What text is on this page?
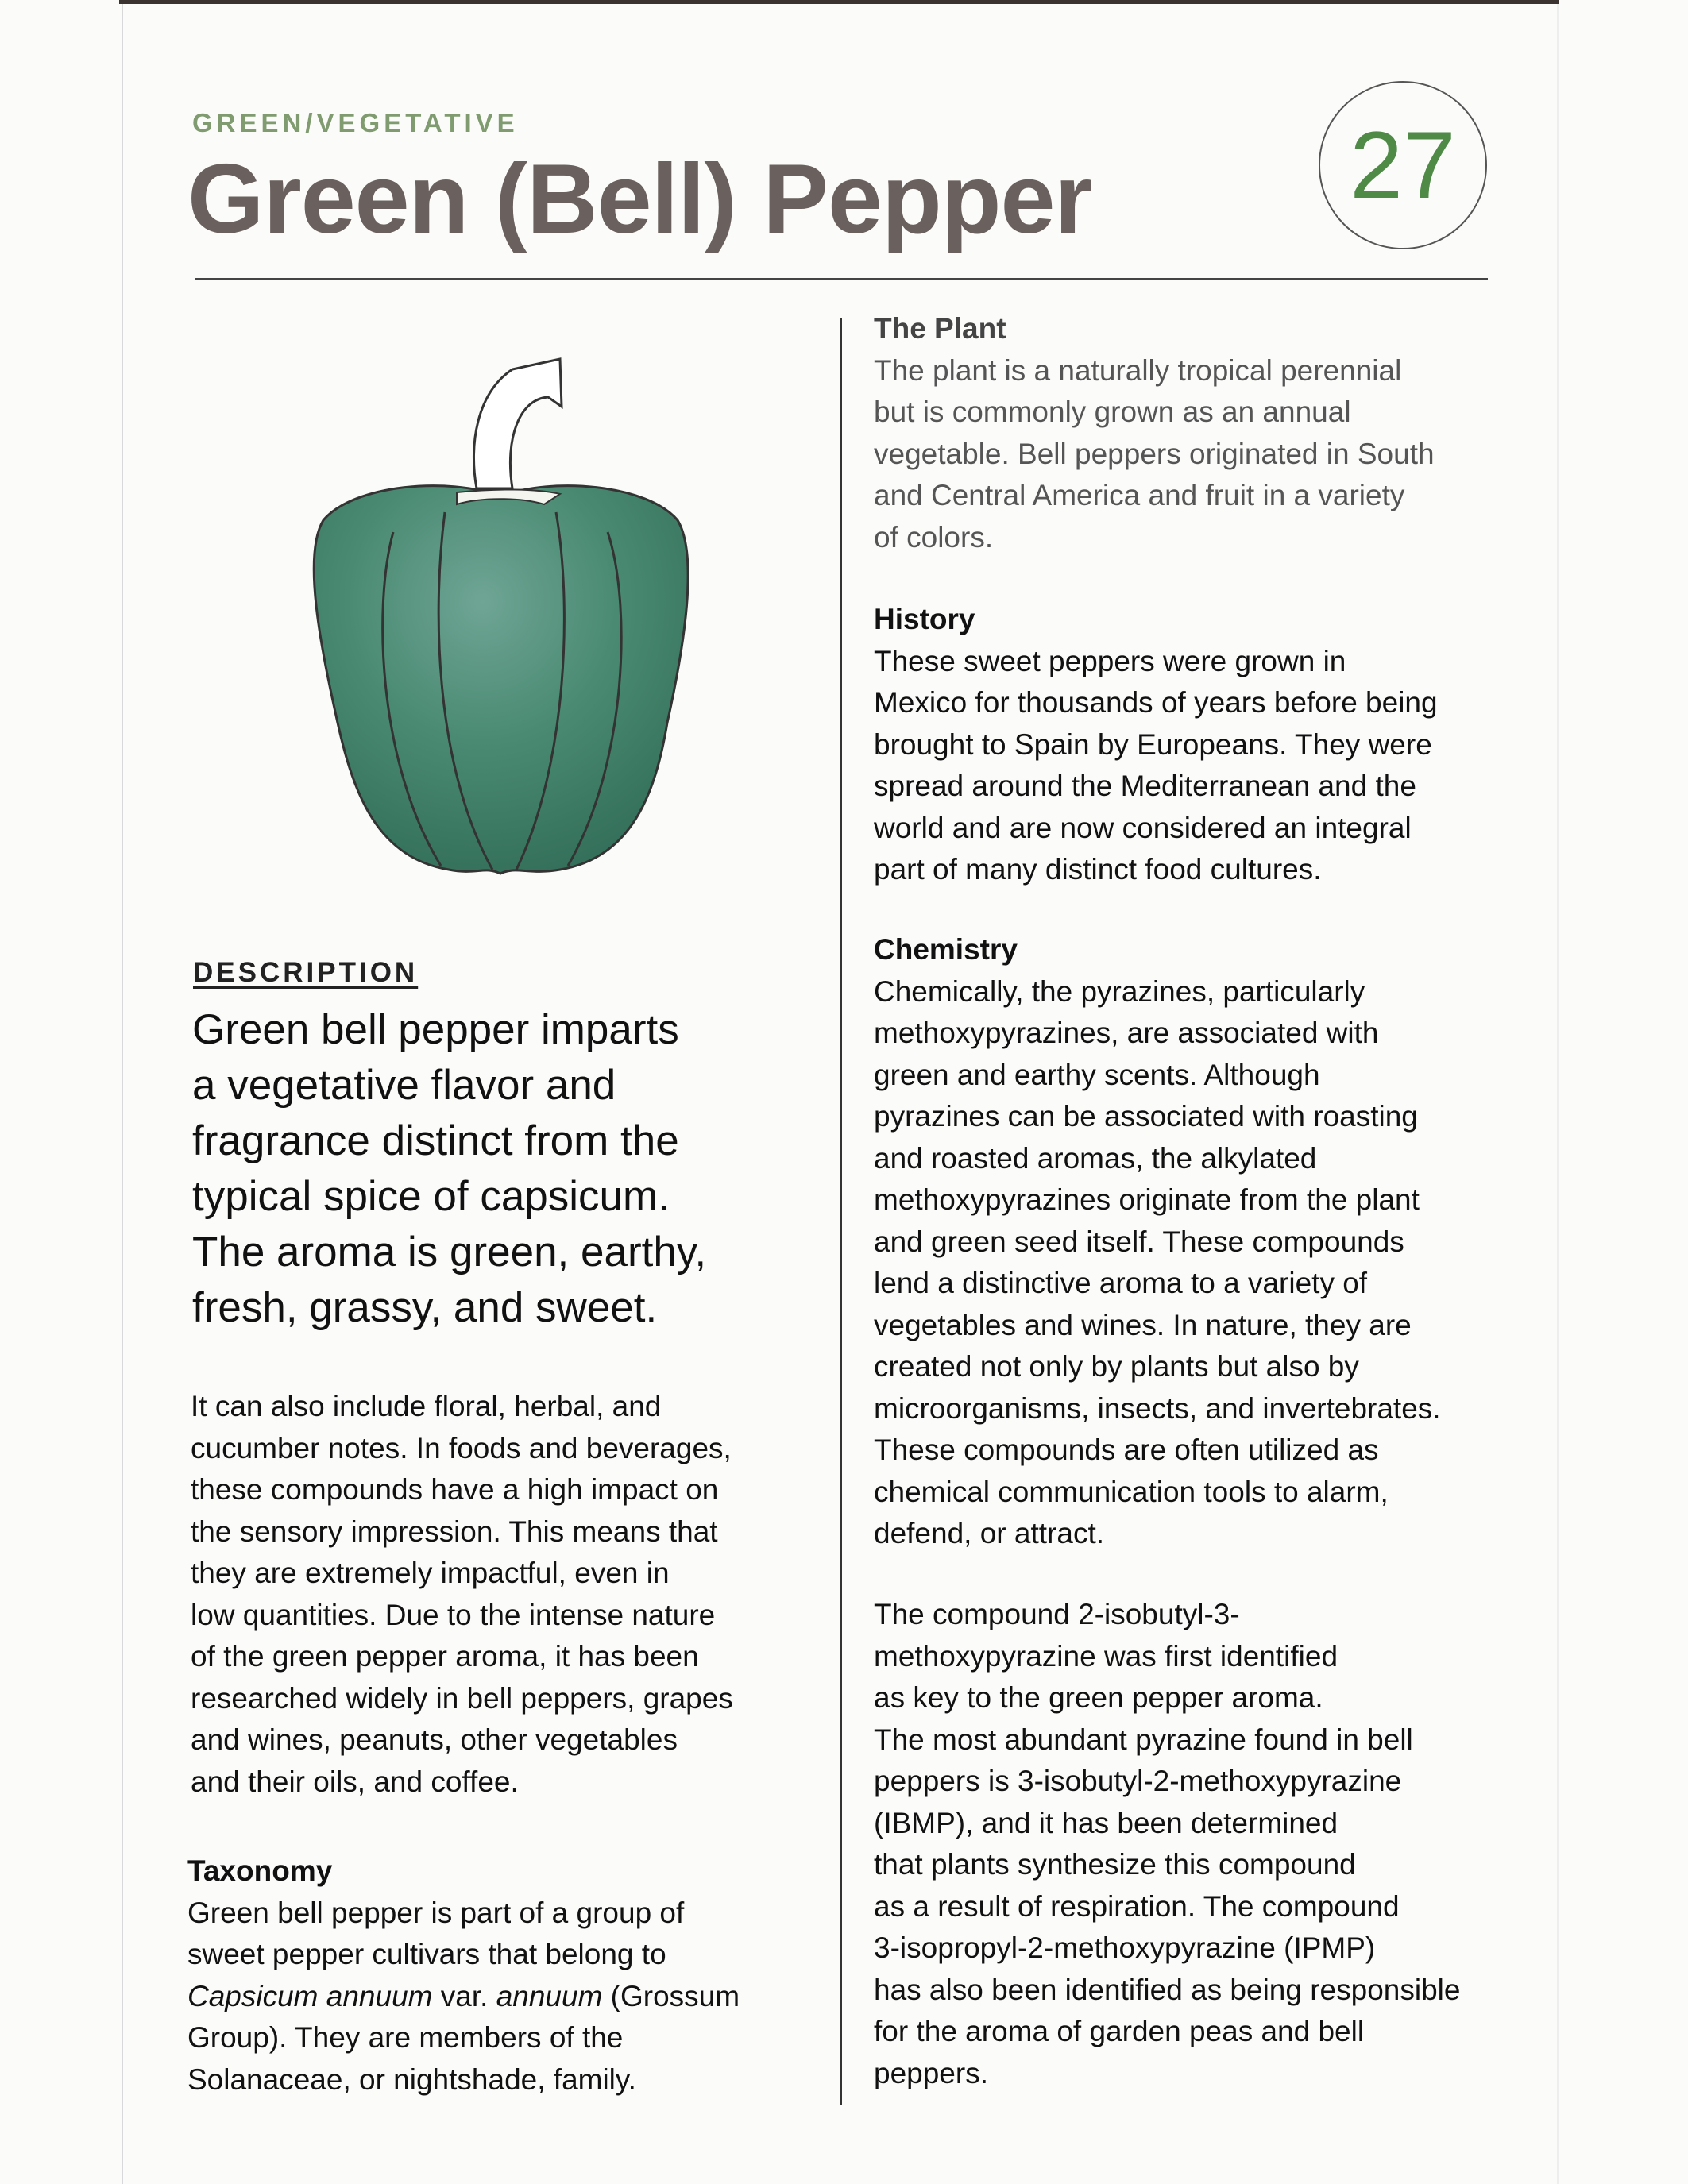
GREEN/VEGETATIVE
Green (Bell) Pepper	27
DESCRIPTION
Green bell pepper imparts
a vegetative flavor and
fragrance distinct from the
typical spice of capsicum.
The aroma is green, earthy,
fresh, grassy, and sweet.
It can also include floral, herbal, and
cucumber notes. In foods and beverages,
these compounds have a high impact on
the sensory impression. This means that
they are extremely impactful, even in
low quantities. Due to the intense nature
of the green pepper aroma, it has been
researched widely in bell peppers, grapes
and wines, peanuts, other vegetables
and their oils, and coffee.
Taxonomy
Green bell pepper is part of a group of
sweet pepper cultivars that belong to
Capsicum annuum var. annuum (Grossum
Group). They are members of the
Solanaceae, or nightshade, family.
The Plant
The plant is a naturally tropical perennial
but is commonly grown as an annual
vegetable. Bell peppers originated in South
and Central America and fruit in a variety
of colors.
History
These sweet peppers were grown in
Mexico for thousands of years before being
brought to Spain by Europeans. They were
spread around the Mediterranean and the
world and are now considered an integral
part of many distinct food cultures.
Chemistry
Chemically, the pyrazines, particularly
methoxypyrazines, are associated with
green and earthy scents. Although
pyrazines can be associated with roasting
and roasted aromas, the alkylated
methoxypyrazines originate from the plant
and green seed itself. These compounds
lend a distinctive aroma to a variety of
vegetables and wines. In nature, they are
created not only by plants but also by
microorganisms, insects, and invertebrates.
These compounds are often utilized as
chemical communication tools to alarm,
defend, or attract.
The compound 2-isobutyl-3-
methoxypyrazine was first identified
as key to the green pepper aroma.
The most abundant pyrazine found in bell
peppers is 3-isobutyl-2-methoxypyrazine
(IBMP), and it has been determined
that plants synthesize this compound
as a result of respiration. The compound
3-isopropyl-2-methoxypyrazine (IPMP)
has also been identified as being responsible
for the aroma of garden peas and bell
peppers.
